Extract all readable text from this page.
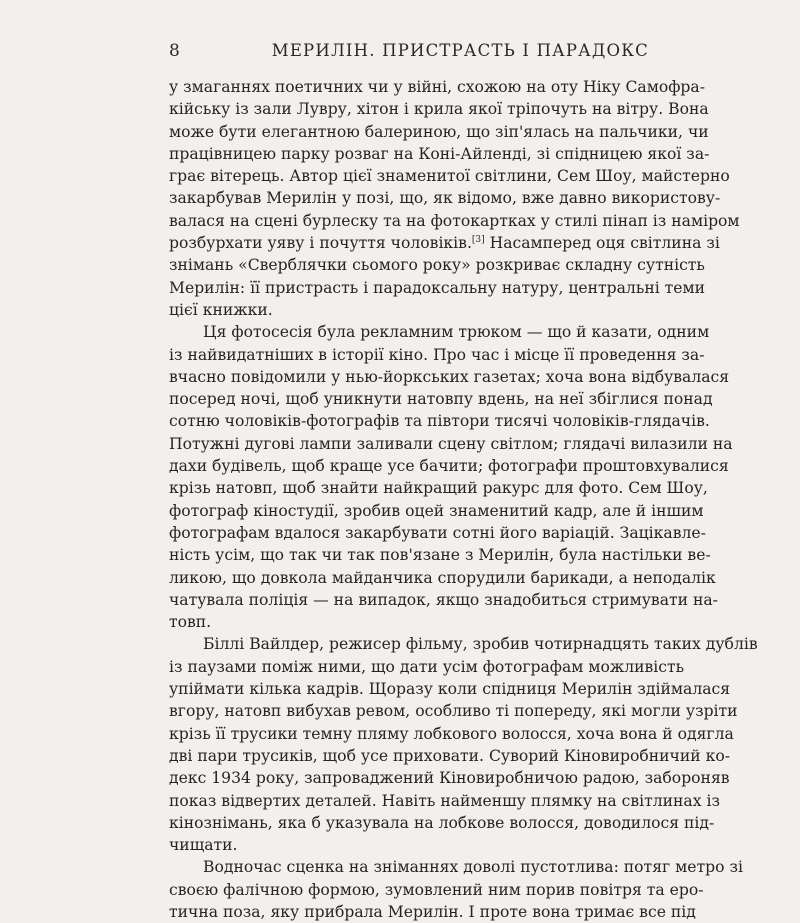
8	МЕРИЛІН. ПРИСТРАСТЬ І ПАРАДОКС
у змаганнях поетичних чи у війні, схожою на оту Ніку Самофра-
кійську із зали Лувру, хітон і крила якої тріпочуть на вітру. Вона
може бути елегантною балериною, що зіп'ялась на пальчики, чи
працівницею парку розваг на Коні-Айленді, зі спідницею якої за-
грає вітерець. Автор цієї знаменитої світлини, Сем Шоу, майстерно
закарбував Мерилін у позі, що, як відомо, вже давно використову-
валася на сцені бурлеску та на фотокартках у стилі пінап із наміром
розбурхати уяву і почуття чоловіків.[3] Насамперед оця світлина зі
знімань «Сверблячки сьомого року» розкриває складну сутність
Мерилін: її пристрасть і парадоксальну натуру, центральні теми
цієї книжки.
Ця фотосесія була рекламним трюком — що й казати, одним
із найвидатніших в історії кіно. Про час і місце її проведення за-
вчасно повідомили у нью-йоркських газетах; хоча вона відбувалася
посеред ночі, щоб уникнути натовпу вдень, на неї збіглися понад
сотню чоловіків-фотографів та півтори тисячі чоловіків-глядачів.
Потужні дугові лампи заливали сцену світлом; глядачі вилазили на
дахи будівель, щоб краще усе бачити; фотографи проштовхувалися
крізь натовп, щоб знайти найкращий ракурс для фото. Сем Шоу,
фотограф кіностудії, зробив оцей знаменитий кадр, але й іншим
фотографам вдалося закарбувати сотні його варіацій. Зацікавле-
ність усім, що так чи так пов'язане з Мерилін, була настільки ве-
ликою, що довкола майданчика спорудили барикади, а неподалік
чатувала поліція — на випадок, якщо знадобиться стримувати на-
товп.
Біллі Вайлдер, режисер фільму, зробив чотирнадцять таких дублів
із паузами поміж ними, що дати усім фотографам можливість
упіймати кілька кадрів. Щоразу коли спідниця Мерилін здіймалася
вгору, натовп вибухав ревом, особливо ті попереду, які могли узріти
крізь її трусики темну пляму лобкового волосся, хоча вона й одягла
дві пари трусиків, щоб усе приховати. Суворий Кіновиробничий ко-
декс 1934 року, запроваджений Кіновиробничою радою, забороняв
показ відвертих деталей. Навіть найменшу плямку на світлинах із
кінознімань, яка б указувала на лобкове волосся, доводилося під-
чищати.
Водночас сценка на зніманнях доволі пустотлива: потяг метро зі
своєю фалічною формою, зумовлений ним порив повітря та еро-
тична поза, яку прибрала Мерилін. І проте вона тримає все під
